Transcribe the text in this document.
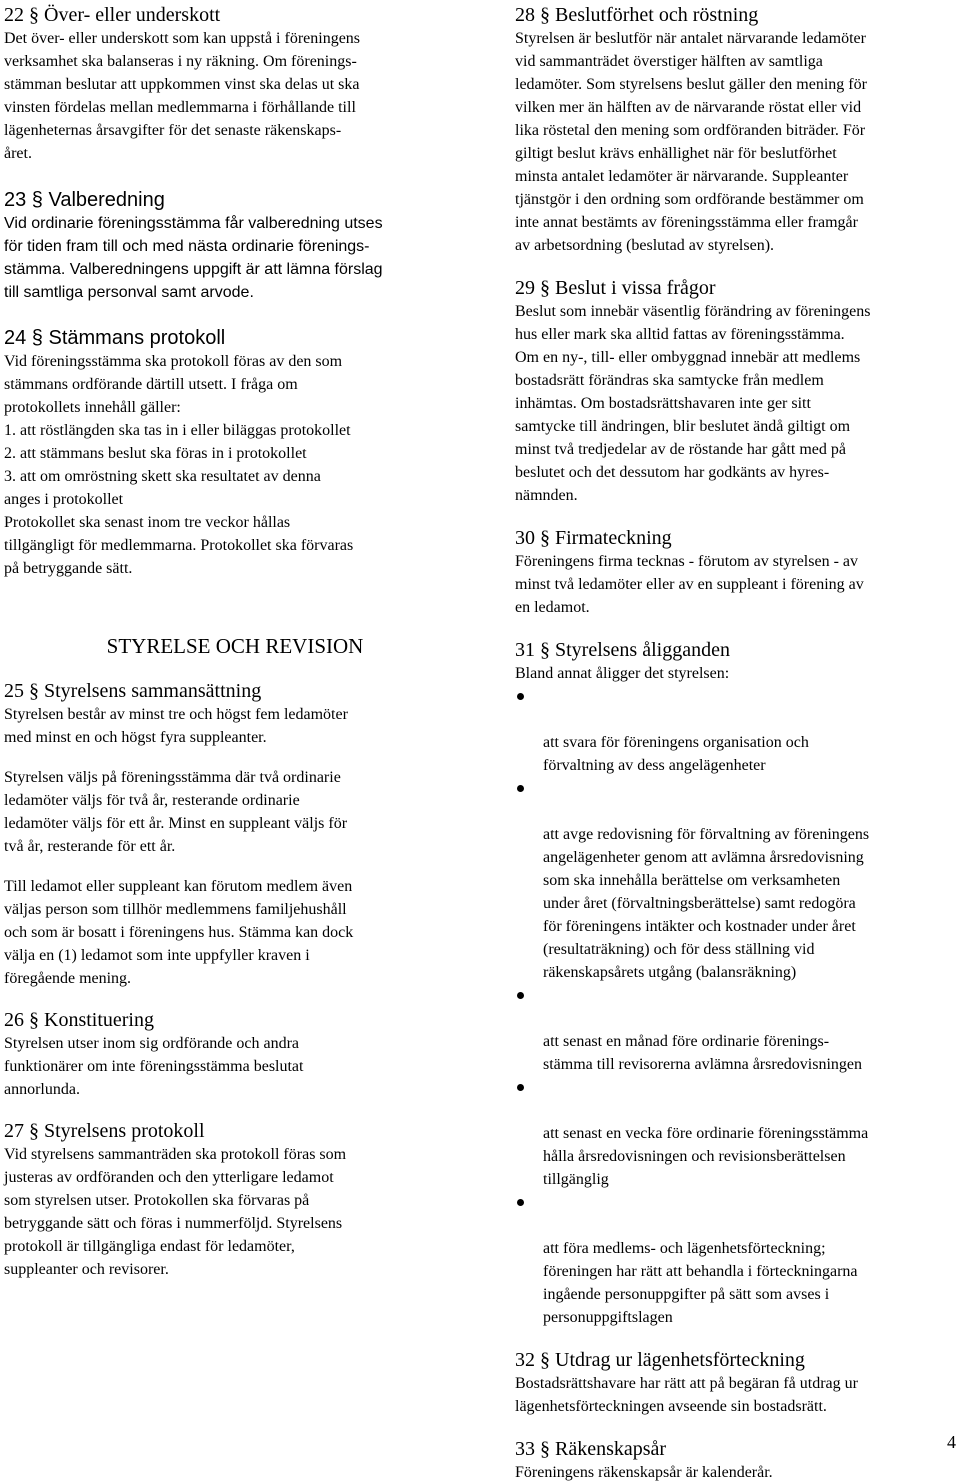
22 § Över- eller underskott

Det över- eller underskott som kan uppstå i föreningens
verksamhet ska balanseras i ny räkning. Om förenings-
stämman beslutar att uppkommen vinst ska delas ut ska
vinsten fördelas mellan medlemmarna i förhållande till
lägenheternas årsavgifter för det senaste räkenskaps-
året.

23 § Valberedning

Vid ordinarie föreningsstämma får valberedning utses
för tiden fram till och med nästa ordinarie förenings-
stämma. Valberedningens uppgift är att lämna förslag
till samtliga personval samt arvode.

24 § Stämmans protokoll

Vid föreningsstämma ska protokoll föras av den som
stämmans ordförande därtill utsett. I fråga om
protokollets innehåll gäller:

1. att röstlängden ska tas in i eller biläggas protokollet
2. att stämmans beslut ska föras in i protokollet
3. att om omröstning skett ska resultatet av denna
anges i protokollet

Protokollet ska senast inom tre veckor hållas
tillgängligt för medlemmarna. Protokollet ska förvaras
på betryggande sätt.

STYRELSE OCH REVISION
25 § Styrelsens sammansättning

Styrelsen består av minst tre och högst fem ledamöter
med minst en och högst fyra suppleanter.

Styrelsen väljs på föreningsstämma där två ordinarie
ledamöter väljs för två år, resterande ordinarie
ledamöter väljs för ett år. Minst en suppleant väljs för
två år, resterande för ett år.

Till ledamot eller suppleant kan förutom medlem även
väljas person som tillhör medlemmens familjehushåll
och som är bosatt i föreningens hus. Stämma kan dock
välja en (1) ledamot som inte uppfyller kraven i
föregående mening.

26 § Konstituering

Styrelsen utser inom sig ordförande och andra
funktionärer om inte föreningsstämma beslutat
annorlunda.

27 § Styrelsens protokoll

Vid styrelsens sammanträden ska protokoll föras som
justeras av ordföranden och den ytterligare ledamot
som styrelsen utser. Protokollen ska förvaras på
betryggande sätt och föras i nummerföljd. Styrelsens
protokoll är tillgängliga endast för ledamöter,
suppleanter och revisorer.

28 § Beslutförhet och röstning

Styrelsen är beslutför när antalet närvarande ledamöter
vid sammanträdet överstiger hälften av samtliga
ledamöter. Som styrelsens beslut gäller den mening för
vilken mer än hälften av de närvarande röstat eller vid
lika röstetal den mening som ordföranden biträder. För
giltigt beslut krävs enhällighet när för beslutförhet
minsta antalet ledamöter är närvarande. Suppleanter
tjänstgör i den ordning som ordförande bestämmer om
inte annat bestämts av föreningsstämma eller framgår
av arbetsordning (beslutad av styrelsen).

29 § Beslut i vissa frågor

Beslut som innebär väsentlig förändring av föreningens
hus eller mark ska alltid fattas av föreningsstämma.
Om en ny-, till- eller ombyggnad innebär att medlems
bostadsrätt förändras ska samtycke från medlem
inhämtas. Om bostadsrättshavaren inte ger sitt
samtycke till ändringen, blir beslutet ändå giltigt om
minst två tredjedelar av de röstande har gått med på
beslutet och det dessutom har godkänts av hyres-
nämnden.

30 § Firmateckning

Föreningens firma tecknas - förutom av styrelsen - av
minst två ledamöter eller av en suppleant i förening av
en ledamot.

31 § Styrelsens åligganden

Bland annat åligger det styrelsen:

att svara för föreningens organisation och
förvaltning av dess angelägenheter

att avge redovisning för förvaltning av föreningens
angelägenheter genom att avlämna årsredovisning
som ska innehålla berättelse om verksamheten
under året (förvaltningsberättelse) samt redogöra
för föreningens intäkter och kostnader under året
(resultaträkning) och för dess ställning vid
räkenskapsårets utgång (balansräkning)

att senast en månad före ordinarie förenings-
stämma till revisorerna avlämna årsredovisningen

att senast en vecka före ordinarie föreningsstämma
hålla årsredovisningen och revisionsberättelsen
tillgänglig

att föra medlems- och lägenhetsförteckning;
föreningen har rätt att behandla i förteckningarna
ingående personuppgifter på sätt som avses i
personuppgiftslagen

32 § Utdrag ur lägenhetsförteckning

Bostadsrättshavare har rätt att på begäran få utdrag ur
lägenhetsförteckningen avseende sin bostadsrätt.

33 § Räkenskapsår

Föreningens räkenskapsår är kalenderår.

4
